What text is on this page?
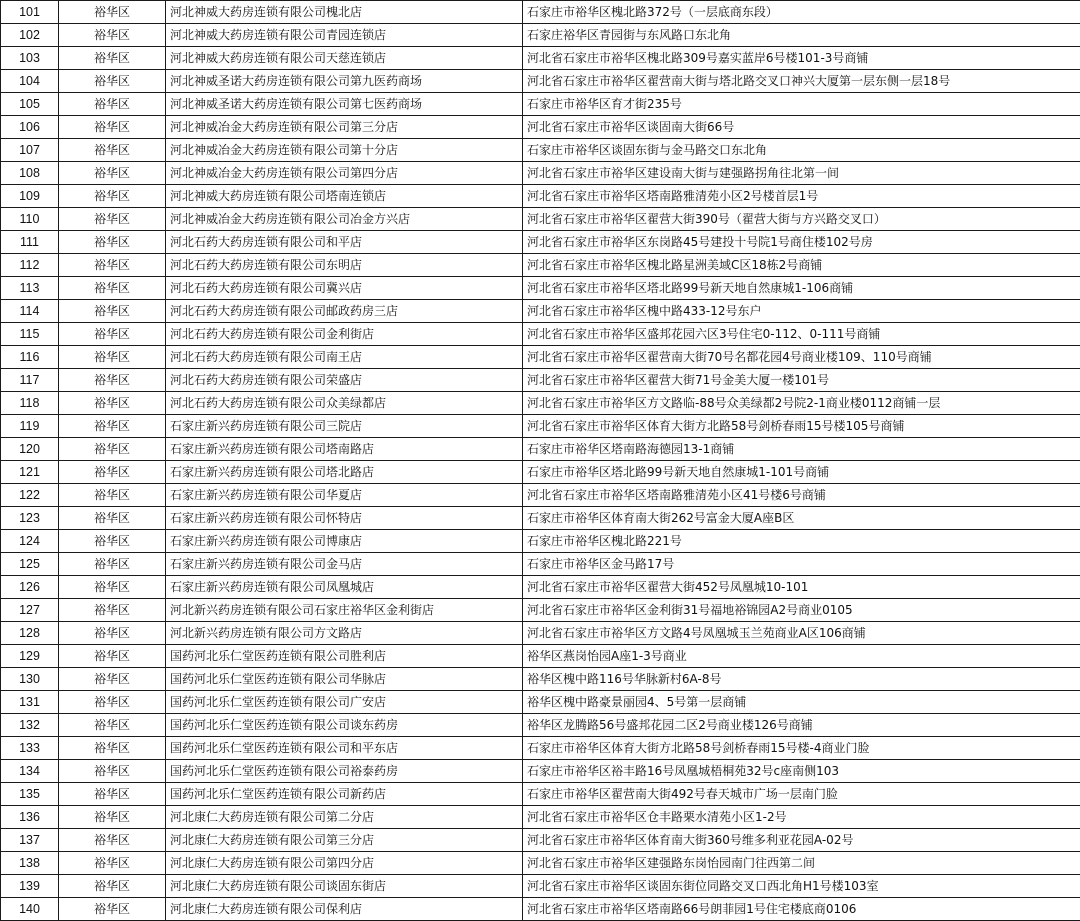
101	裕华区	河北神威大药房连锁有限公司槐北店	石家庄市裕华区槐北路372号（一层底商东段）
102	裕华区	河北神威大药房连锁有限公司青园连锁店	石家庄裕华区青园街与东风路口东北角
103	裕华区	河北神威大药房连锁有限公司天慈连锁店	河北省石家庄市裕华区槐北路309号嘉实蓝岸6号楼101-3号商铺
104	裕华区	河北神威圣诺大药房连锁有限公司第九医药商场	河北省石家庄市裕华区翟营南大街与塔北路交叉口神兴大厦第一层东侧一层18号
105	裕华区	河北神威圣诺大药房连锁有限公司第七医药商场	石家庄市裕华区育才街235号
106	裕华区	河北神威冶金大药房连锁有限公司第三分店	河北省石家庄市裕华区谈固南大街66号
107	裕华区	河北神威冶金大药房连锁有限公司第十分店	石家庄市裕华区谈固东街与金马路交口东北角
108	裕华区	河北神威冶金大药房连锁有限公司第四分店	河北省石家庄市裕华区建设南大街与建强路拐角往北第一间
109	裕华区	河北神威大药房连锁有限公司塔南连锁店	河北省石家庄市裕华区塔南路雅清苑小区2号楼首层1号
110	裕华区	河北神威冶金大药房连锁有限公司冶金方兴店	河北省石家庄市裕华区翟营大街390号（翟营大街与方兴路交叉口）
111	裕华区	河北石药大药房连锁有限公司和平店	河北省石家庄市裕华区东岗路45号建投十号院1号商住楼102号房
112	裕华区	河北石药大药房连锁有限公司东明店	河北省石家庄市裕华区槐北路星洲美域C区18栋2号商铺
113	裕华区	河北石药大药房连锁有限公司冀兴店	河北省石家庄市裕华区塔北路99号新天地自然康城1-106商铺
114	裕华区	河北石药大药房连锁有限公司邮政药房三店	河北省石家庄市裕华区槐中路433-12号东户
115	裕华区	河北石药大药房连锁有限公司金利街店	河北省石家庄市裕华区盛邦花园六区3号住宅0-112、0-111号商铺
116	裕华区	河北石药大药房连锁有限公司南王店	河北省石家庄市裕华区翟营南大街70号名都花园4号商业楼109、110号商铺
117	裕华区	河北石药大药房连锁有限公司荣盛店	河北省石家庄市裕华区翟营大街71号金美大厦一楼101号
118	裕华区	河北石药大药房连锁有限公司众美绿都店	河北省石家庄市裕华区方文路临-88号众美绿都2号院2-1商业楼0112商铺一层
119	裕华区	石家庄新兴药房连锁有限公司三院店	河北省石家庄市裕华区体育大街方北路58号剑桥春雨15号楼105号商铺
120	裕华区	石家庄新兴药房连锁有限公司塔南路店	石家庄市裕华区塔南路海德园13-1商铺
121	裕华区	石家庄新兴药房连锁有限公司塔北路店	石家庄市裕华区塔北路99号新天地自然康城1-101号商铺
122	裕华区	石家庄新兴药房连锁有限公司华夏店	河北省石家庄市裕华区塔南路雅清苑小区41号楼6号商铺
123	裕华区	石家庄新兴药房连锁有限公司怀特店	石家庄市裕华区体育南大街262号富金大厦A座B区
124	裕华区	石家庄新兴药房连锁有限公司博康店	石家庄市裕华区槐北路221号
125	裕华区	石家庄新兴药房连锁有限公司金马店	石家庄市裕华区金马路17号
126	裕华区	石家庄新兴药房连锁有限公司凤凰城店	河北省石家庄市裕华区翟营大街452号凤凰城10-101
127	裕华区	河北新兴药房连锁有限公司石家庄裕华区金利街店	河北省石家庄市裕华区金利街31号福地裕锦园A2号商业0105
128	裕华区	河北新兴药房连锁有限公司方文路店	河北省石家庄市裕华区方文路4号凤凰城玉兰苑商业A区106商铺
129	裕华区	国药河北乐仁堂医药连锁有限公司胜利店	裕华区燕岗怡园A座1-3号商业
130	裕华区	国药河北乐仁堂医药连锁有限公司华脉店	裕华区槐中路116号华脉新村6A-8号
131	裕华区	国药河北乐仁堂医药连锁有限公司广安店	裕华区槐中路豪景丽园4、5号第一层商铺
132	裕华区	国药河北乐仁堂医药连锁有限公司谈东药房	裕华区龙腾路56号盛邦花园二区2号商业楼126号商铺
133	裕华区	国药河北乐仁堂医药连锁有限公司和平东店	石家庄市裕华区体育大街方北路58号剑桥春雨15号楼-4商业门脸
134	裕华区	国药河北乐仁堂医药连锁有限公司裕泰药房	石家庄市裕华区裕丰路16号凤凰城梧桐苑32号c座南侧103
135	裕华区	国药河北乐仁堂医药连锁有限公司新药店	石家庄市裕华区翟营南大街492号春天城市广场一层南门脸
136	裕华区	河北康仁大药房连锁有限公司第二分店	河北省石家庄市裕华区仓丰路栗水清苑小区1-2号
137	裕华区	河北康仁大药房连锁有限公司第三分店	河北省石家庄市裕华区体育南大街360号维多利亚花园A-02号
138	裕华区	河北康仁大药房连锁有限公司第四分店	河北省石家庄市裕华区建强路东岗怡园南门往西第二间
139	裕华区	河北康仁大药房连锁有限公司谈固东街店	河北省石家庄市裕华区谈固东街位同路交叉口西北角H1号楼103室
140	裕华区	河北康仁大药房连锁有限公司保利店	河北省石家庄市裕华区塔南路66号朗菲园1号住宅楼底商0106
